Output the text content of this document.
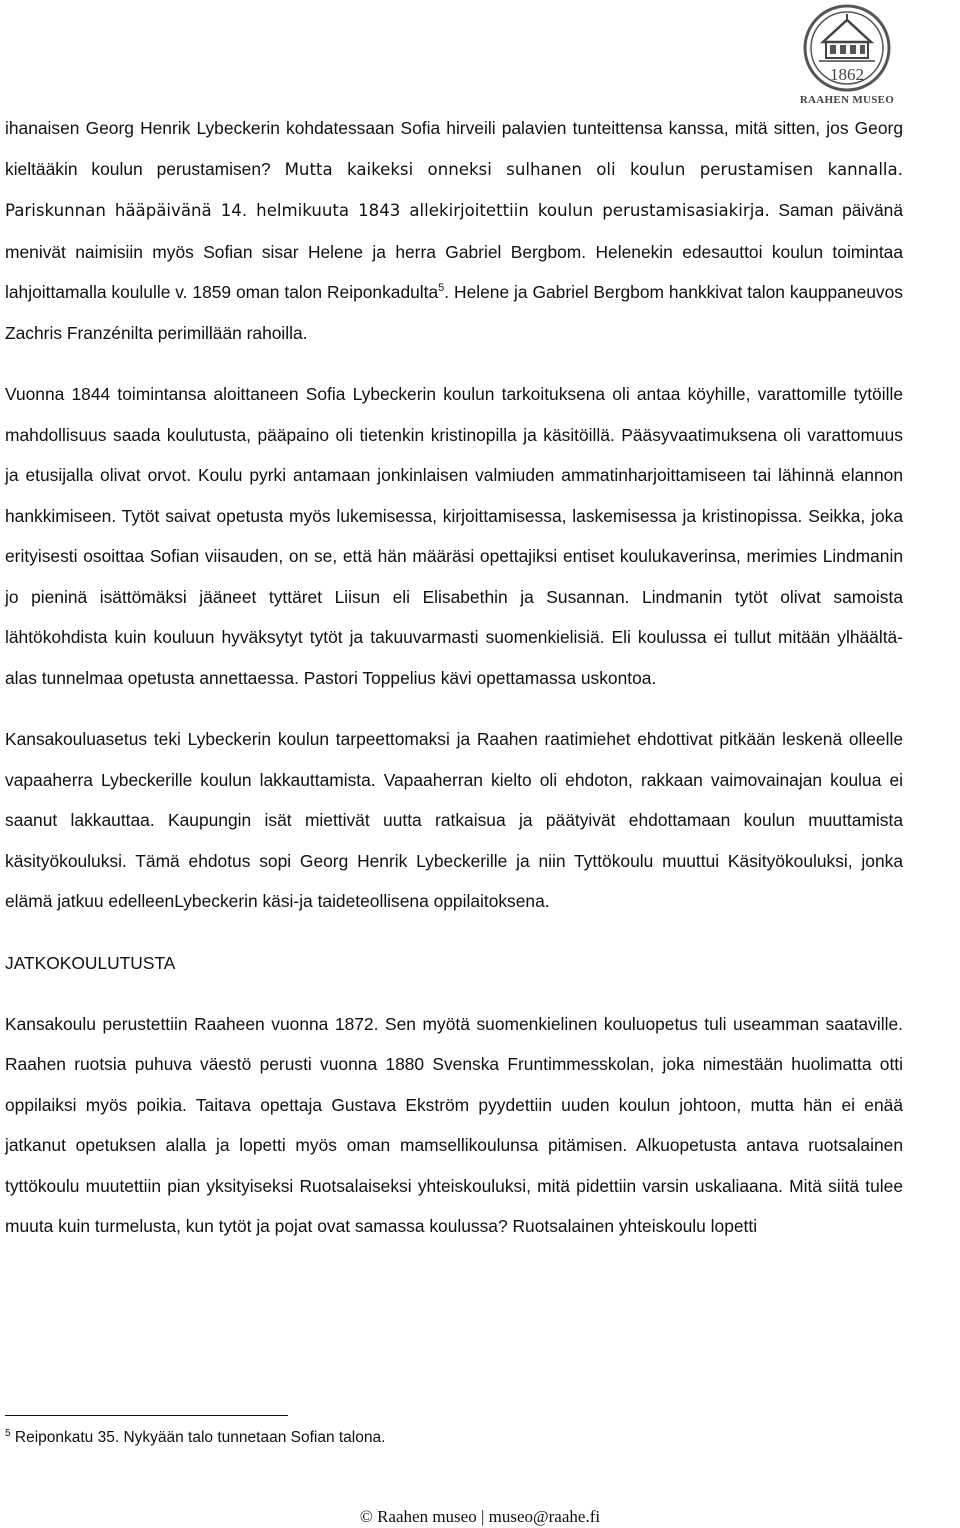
1862
RAAHEN MUSEO

ihanaisen Georg Henrik Lybeckerin kohdatessaan Sofia hirveili palavien tunteittensa kanssa, mitä sitten, jos Georg kieltääkin koulun perustamisen? Mutta kaikeksi onneksi sulhanen oli koulun perustamisen kannalla. Pariskunnan hääpäivänä 14. helmikuuta 1843 allekirjoitettiin koulun perustamisasiakirja. Saman päivänä menivät naimisiin myös Sofian sisar Helene ja herra Gabriel Bergbom. Helenekin edesauttoi koulun toimintaa lahjoittamalla koululle v. 1859 oman talon Reiponkadulta$^5$. Helene ja Gabriel Bergbom hankkivat talon kauppaneuvos Zachris Franzénilta perimillään rahoilla.

Vuonna 1844 toimintansa aloittaneen Sofia Lybeckerin koulun tarkoituksena oli antaa köyhille, varattomille tytöille mahdollisuus saada koulutusta, pääpaino oli tietenkin kristinopilla ja käsitöillä. Pääsyvaatimuksena oli varattomuus ja etusijalla olivat orvot. Koulu pyrki antamaan jonkinlaisen valmiuden ammatinharjoittamiseen tai lähinnä elannon hankkimiseen. Tytöt saivat opetusta myös lukemisessa, kirjoittamisessa, laskemisessa ja kristinopissa. Seikka, joka erityisesti osoittaa Sofian viisauden, on se, että hän määräsi opettajiksi entiset koulukaverinsa, merimies Lindmanin jo pieninä isättömäksi jääneet tyttäret Liisun eli Elisabethin ja Susannan. Lindmanin tytöt olivat samoista lähtökohdista kuin kouluun hyväksytyt tytöt ja takuuvarmasti suomenkielisiä. Eli koulussa ei tullut mitään ylhäältä- alas tunnelmaa opetusta annettaessa. Pastori Toppelius kävi opettamassa uskontoa.

Kansakouluasetus teki Lybeckerin koulun tarpeettomaksi ja Raahen raatimiehet ehdottivat pitkään leskenä olleelle vapaaherra Lybeckerille koulun lakkauttamista. Vapaaherran kielto oli ehdoton, rakkaan vaimovainajan koulua ei saanut lakkauttaa. Kaupungin isät miettivät uutta ratkaisua ja päätyivät ehdottamaan koulun muuttamista käsityökouluksi. Tämä ehdotus sopi Georg Henrik Lybeckerille ja niin Tyttökoulu muuttui Käsityökouluksi, jonka elämä jatkuu edelleenLybeckerin käsi-ja taideteollisena oppilaitoksena.

JATKOKOULUTUSTA

Kansakoulu perustettiin Raaheen vuonna 1872. Sen myötä suomenkielinen kouluopetus tuli useamman saataville. Raahen ruotsia puhuva väestö perusti vuonna 1880 Svenska Fruntimmesskolan, joka nimestään huolimatta otti oppilaiksi myös poikia. Taitava opettaja Gustava Ekström pyydettiin uuden koulun johtoon, mutta hän ei enää jatkanut opetuksen alalla ja lopetti myös oman mamsellikoulunsa pitämisen. Alkuopetusta antava ruotsalainen tyttökoulu muutettiin pian yksityiseksi Ruotsalaiseksi yhteiskouluksi, mitä pidettiin varsin uskaliaana. Mitä siitä tulee muuta kuin turmelusta, kun tytöt ja pojat ovat samassa koulussa? Ruotsalainen yhteiskoulu lopetti

$^5$ Reiponkatu 35. Nykyään talo tunnetaan Sofian talona.
© Raahen museo | museo@raahe.fi
